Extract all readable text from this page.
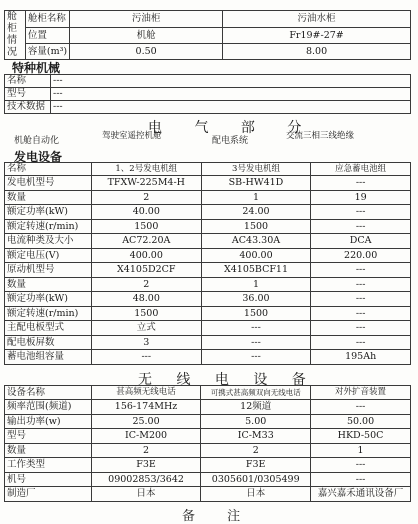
舱柜
情况	舱柜名称	污油柜	污油水柜
	位置	机舱	Fr19#-27#
	容量(m³)	0.50	8.00
特种机械
名称	---
型号	---
技术数据	---
电 气 部 分
机舱自动化	驾驶室遥控机舱	配电系统	交流三相三线绝缘
发电设备
名称	1、2号发电机组	3号发电机组	应急蓄电池组
发电机型号	TFXW-225M4-H	SB-HW41D	---
数量	2	1	19
额定功率(kW)	40.00	24.00	---
额定转速(r/min)	1500	1500	---
电流种类及大小	AC72.20A	AC43.30A	DCA
额定电压(V)	400.00	400.00	220.00
原动机型号	X4105D2CF	X4105BCF11	---
数量	2	1	---
额定功率(kW)	48.00	36.00	---
额定转速(r/min)	1500	1500	---
主配电板型式	立式	---	---
配电板屏数	3	---	---
蓄电池组容量	---	---	195Ah
无 线 电 设 备
设备名称	甚高频无线电话	可携式甚高频双向无线电话	对外扩音装置
频率范围(频道)	156-174MHz	12频道	---
输出功率(w)	25.00	5.00	50.00
型号	IC-M200	IC-M33	HKD-50C
数量	2	2	1
工作类型	F3E	F3E	---
机号	09002853/3642	0305601/0305499	---
制造厂	日本	日本	嘉兴嘉禾通讯设备厂
备 注
